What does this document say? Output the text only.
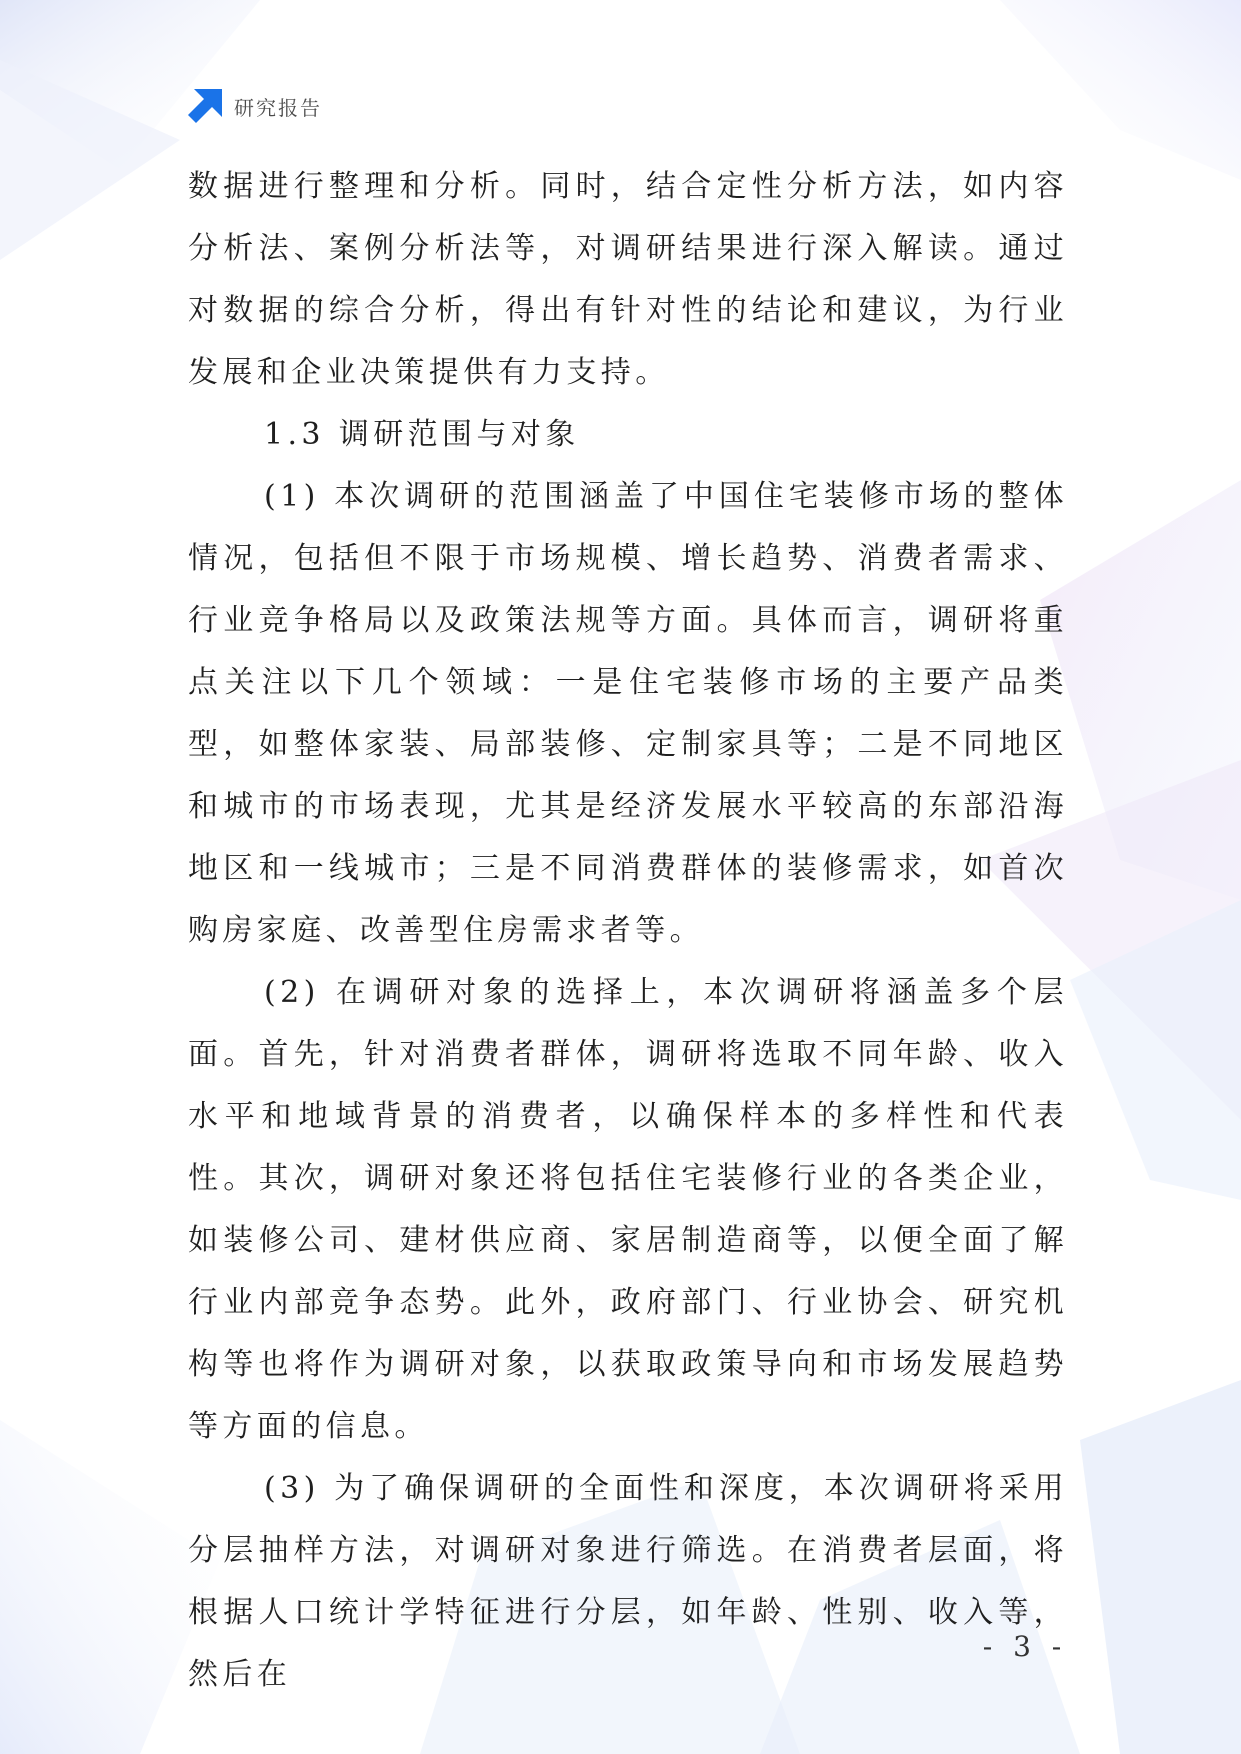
研究报告

数据进行整理和分析。同时，结合定性分析方法，如内容分析法、案例分析法等，对调研结果进行深入解读。通过对数据的综合分析，得出有针对性的结论和建议，为行业发展和企业决策提供有力支持。

1.3 调研范围与对象

(1) 本次调研的范围涵盖了中国住宅装修市场的整体情况，包括但不限于市场规模、增长趋势、消费者需求、行业竞争格局以及政策法规等方面。具体而言，调研将重点关注以下几个领域：一是住宅装修市场的主要产品类型，如整体家装、局部装修、定制家具等；二是不同地区和城市的市场表现，尤其是经济发展水平较高的东部沿海地区和一线城市；三是不同消费群体的装修需求，如首次购房家庭、改善型住房需求者等。

(2) 在调研对象的选择上，本次调研将涵盖多个层面。首先，针对消费者群体，调研将选取不同年龄、收入水平和地域背景的消费者，以确保样本的多样性和代表性。其次，调研对象还将包括住宅装修行业的各类企业，如装修公司、建材供应商、家居制造商等，以便全面了解行业内部竞争态势。此外，政府部门、行业协会、研究机构等也将作为调研对象，以获取政策导向和市场发展趋势等方面的信息。

(3) 为了确保调研的全面性和深度，本次调研将采用分层抽样方法，对调研对象进行筛选。在消费者层面，将根据人口统计学特征进行分层，如年龄、性别、收入等，然后在

- 3 -
